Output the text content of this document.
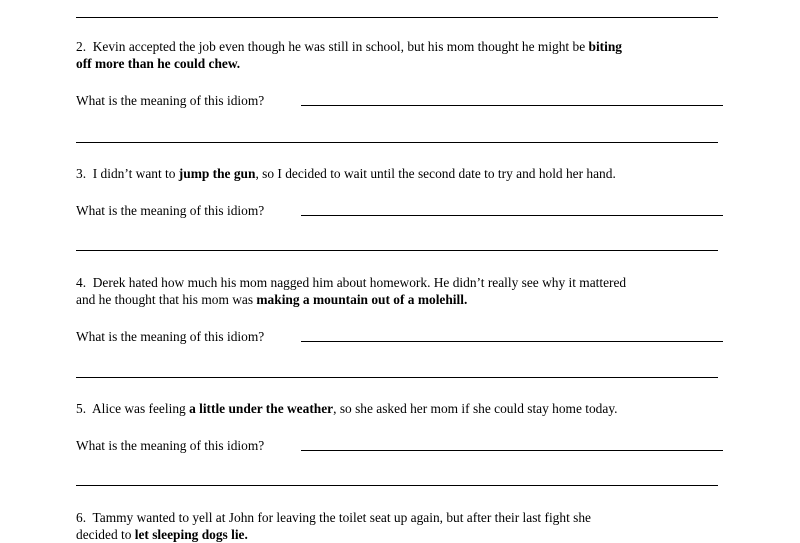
2. Kevin accepted the job even though he was still in school, but his mom thought he might be biting
off more than he could chew.
What is the meaning of this idiom?
3. I didn’t want to jump the gun, so I decided to wait until the second date to try and hold her hand.
What is the meaning of this idiom?
4. Derek hated how much his mom nagged him about homework. He didn’t really see why it mattered
and he thought that his mom was making a mountain out of a molehill.
What is the meaning of this idiom?
5. Alice was feeling a little under the weather, so she asked her mom if she could stay home today.
What is the meaning of this idiom?
6. Tammy wanted to yell at John for leaving the toilet seat up again, but after their last fight she
decided to let sleeping dogs lie.
